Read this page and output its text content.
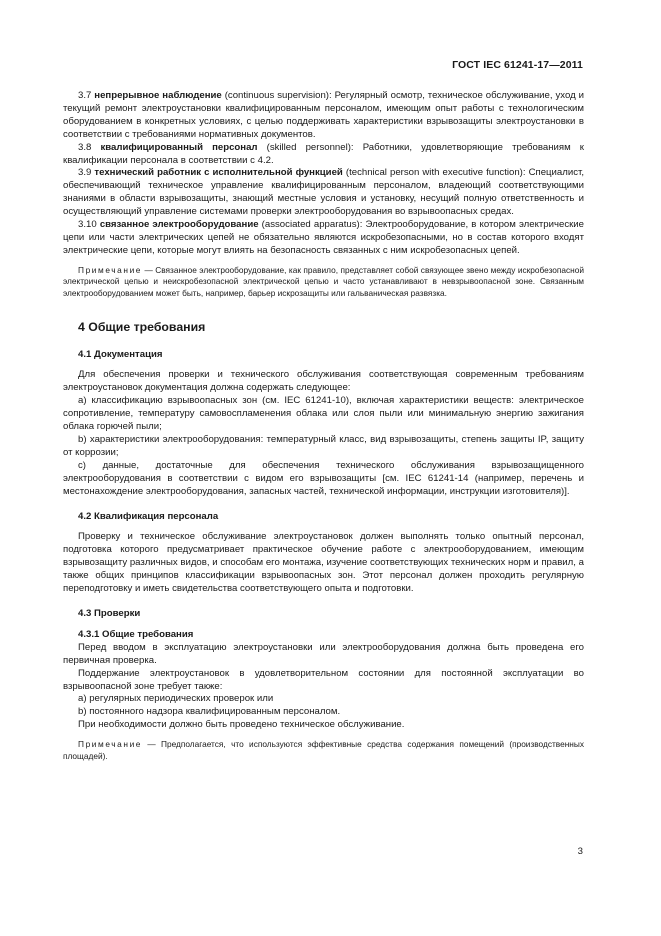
ГОСТ IEC 61241-17—2011

3.7 непрерывное наблюдение (continuous supervision): Регулярный осмотр, техническое обслуживание, уход и текущий ремонт электроустановки квалифицированным персоналом, имеющим опыт работы с технологическим оборудованием в конкретных условиях, с целью поддерживать характеристики взрывозащиты электроустановки в соответствии с требованиями нормативных документов.

3.8 квалифицированный персонал (skilled personnel): Работники, удовлетворяющие требованиям к квалификации персонала в соответствии с 4.2.

3.9 технический работник с исполнительной функцией (technical person with executive function): Специалист, обеспечивающий техническое управление квалифицированным персоналом, владеющий соответствующими знаниями в области взрывозащиты, знающий местные условия и установку, несущий полную ответственность и осуществляющий управление системами проверки электрооборудования во взрывоопасных средах.

3.10 связанное электрооборудование (associated apparatus): Электрооборудование, в котором электрические цепи или части электрических цепей не обязательно являются искробезопасными, но в состав которого входят электрические цепи, которые могут влиять на безопасность связанных с ним искробезопасных цепей.

Примечание — Связанное электрооборудование, как правило, представляет собой связующее звено между искробезопасной электрической цепью и неискробезопасной электрической цепью и часто устанавливают в невзрывоопасной зоне. Связанным электрооборудованием может быть, например, барьер искрозащиты или гальваническая развязка.

4 Общие требования
4.1 Документация

Для обеспечения проверки и технического обслуживания соответствующая современным требованиям электроустановок документация должна содержать следующее:

а) классификацию взрывоопасных зон (см. IEC 61241-10), включая характеристики веществ: электрическое сопротивление, температуру самовоспламенения облака или слоя пыли или минимальную энергию зажигания облака горючей пыли;

b) характеристики электрооборудования: температурный класс, вид взрывозащиты, степень защиты IP, защиту от коррозии;

c) данные, достаточные для обеспечения технического обслуживания взрывозащищенного электрооборудования в соответствии с видом его взрывозащиты [см. IEC 61241-14 (например, перечень и местонахождение электрооборудования, запасных частей, технической информации, инструкции изготовителя)].

4.2 Квалификация персонала

Проверку и техническое обслуживание электроустановок должен выполнять только опытный персонал, подготовка которого предусматривает практическое обучение работе с электрооборудованием, имеющим взрывозащиту различных видов, и способам его монтажа, изучение соответствующих технических норм и правил, а также общих принципов классификации взрывоопасных зон. Этот персонал должен проходить регулярную переподготовку и иметь свидетельства соответствующего опыта и подготовки.

4.3 Проверки
4.3.1 Общие требования

Перед вводом в эксплуатацию электроустановки или электрооборудования должна быть проведена его первичная проверка.

Поддержание электроустановок в удовлетворительном состоянии для постоянной эксплуатации во взрывоопасной зоне требует также:

а) регулярных периодических проверок или

b) постоянного надзора квалифицированным персоналом.

При необходимости должно быть проведено техническое обслуживание.

Примечание — Предполагается, что используются эффективные средства содержания помещений (производственных площадей).

3
